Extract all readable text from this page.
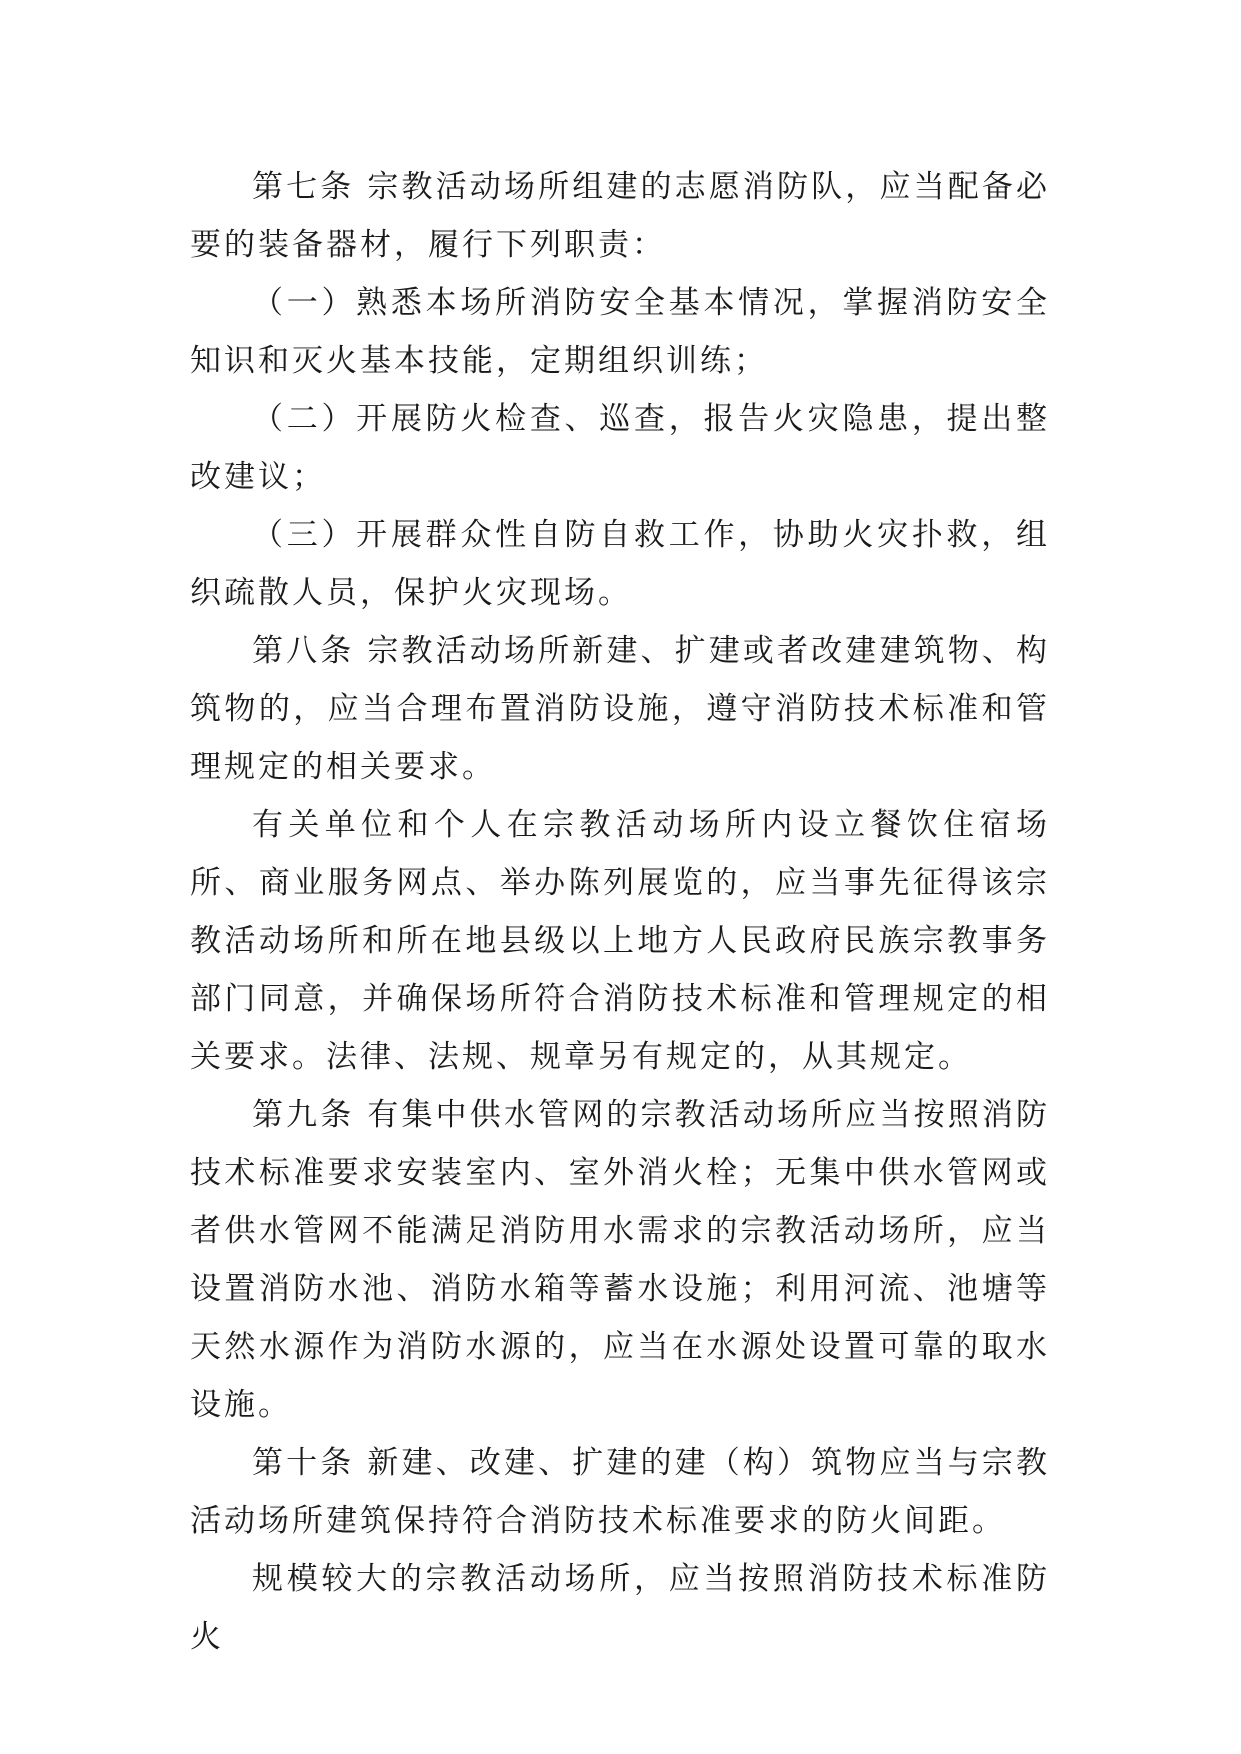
第七条 宗教活动场所组建的志愿消防队，应当配备必要的装备器材，履行下列职责：

（一）熟悉本场所消防安全基本情况，掌握消防安全知识和灭火基本技能，定期组织训练；

（二）开展防火检查、巡查，报告火灾隐患，提出整改建议；

（三）开展群众性自防自救工作，协助火灾扑救，组织疏散人员，保护火灾现场。

第八条 宗教活动场所新建、扩建或者改建建筑物、构筑物的，应当合理布置消防设施，遵守消防技术标准和管理规定的相关要求。

有关单位和个人在宗教活动场所内设立餐饮住宿场所、商业服务网点、举办陈列展览的，应当事先征得该宗教活动场所和所在地县级以上地方人民政府民族宗教事务部门同意，并确保场所符合消防技术标准和管理规定的相关要求。法律、法规、规章另有规定的，从其规定。

第九条 有集中供水管网的宗教活动场所应当按照消防技术标准要求安装室内、室外消火栓；无集中供水管网或者供水管网不能满足消防用水需求的宗教活动场所，应当设置消防水池、消防水箱等蓄水设施；利用河流、池塘等天然水源作为消防水源的，应当在水源处设置可靠的取水设施。

第十条 新建、改建、扩建的建（构）筑物应当与宗教活动场所建筑保持符合消防技术标准要求的防火间距。

规模较大的宗教活动场所，应当按照消防技术标准防火
